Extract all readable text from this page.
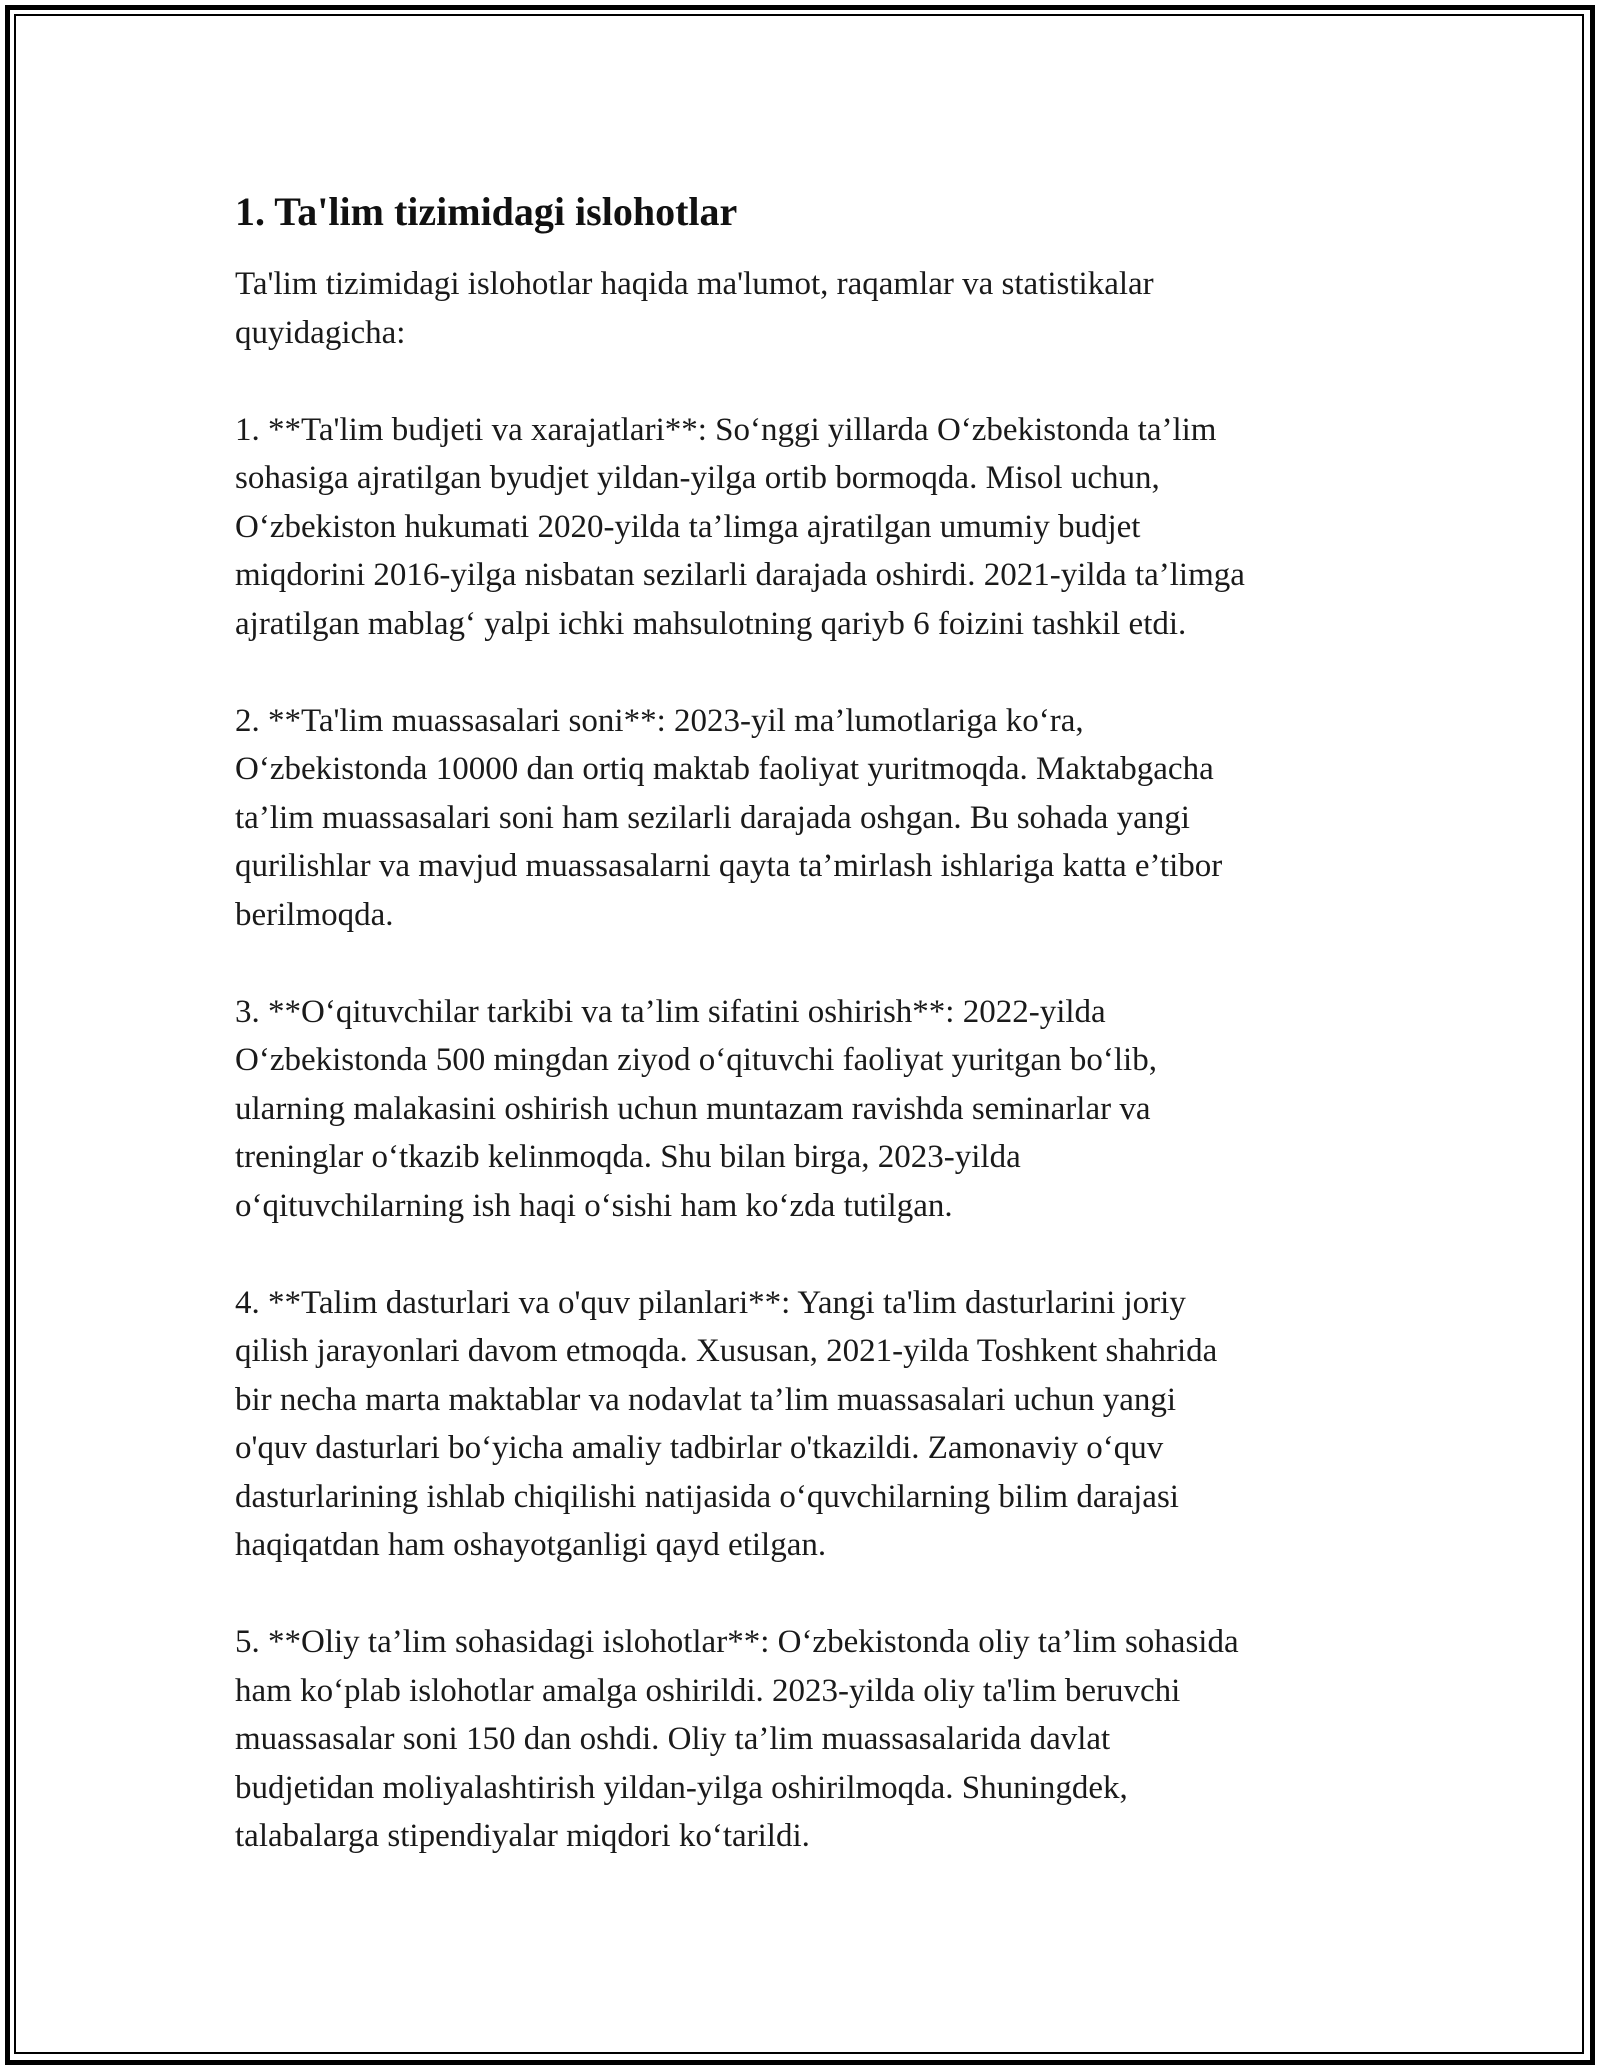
1. Ta'lim tizimidagi islohotlar

Ta'lim tizimidagi islohotlar haqida ma'lumot, raqamlar va statistikalar
quyidagicha:

1. **Ta'lim budjeti va xarajatlari**: So‘nggi yillarda O‘zbekistonda ta’lim
sohasiga ajratilgan byudjet yildan-yilga ortib bormoqda. Misol uchun,
O‘zbekiston hukumati 2020-yilda ta’limga ajratilgan umumiy budjet
miqdorini 2016-yilga nisbatan sezilarli darajada oshirdi. 2021-yilda ta’limga
ajratilgan mablag‘ yalpi ichki mahsulotning qariyb 6 foizini tashkil etdi.

2. **Ta'lim muassasalari soni**: 2023-yil ma’lumotlariga ko‘ra,
O‘zbekistonda 10000 dan ortiq maktab faoliyat yuritmoqda. Maktabgacha
ta’lim muassasalari soni ham sezilarli darajada oshgan. Bu sohada yangi
qurilishlar va mavjud muassasalarni qayta ta’mirlash ishlariga katta e’tibor
berilmoqda.

3. **O‘qituvchilar tarkibi va ta’lim sifatini oshirish**: 2022-yilda
O‘zbekistonda 500 mingdan ziyod o‘qituvchi faoliyat yuritgan bo‘lib,
ularning malakasini oshirish uchun muntazam ravishda seminarlar va
treninglar o‘tkazib kelinmoqda. Shu bilan birga, 2023-yilda
o‘qituvchilarning ish haqi o‘sishi ham ko‘zda tutilgan.

4. **Talim dasturlari va o'quv pilanlari**: Yangi ta'lim dasturlarini joriy
qilish jarayonlari davom etmoqda. Xususan, 2021-yilda Toshkent shahrida
bir necha marta maktablar va nodavlat ta’lim muassasalari uchun yangi
o'quv dasturlari bo‘yicha amaliy tadbirlar o'tkazildi. Zamonaviy o‘quv
dasturlarining ishlab chiqilishi natijasida o‘quvchilarning bilim darajasi
haqiqatdan ham oshayotganligi qayd etilgan.

5. **Oliy ta’lim sohasidagi islohotlar**: O‘zbekistonda oliy ta’lim sohasida
ham ko‘plab islohotlar amalga oshirildi. 2023-yilda oliy ta'lim beruvchi
muassasalar soni 150 dan oshdi. Oliy ta’lim muassasalarida davlat
budjetidan moliyalashtirish yildan-yilga oshirilmoqda. Shuningdek,
talabalarga stipendiyalar miqdori ko‘tarildi.
